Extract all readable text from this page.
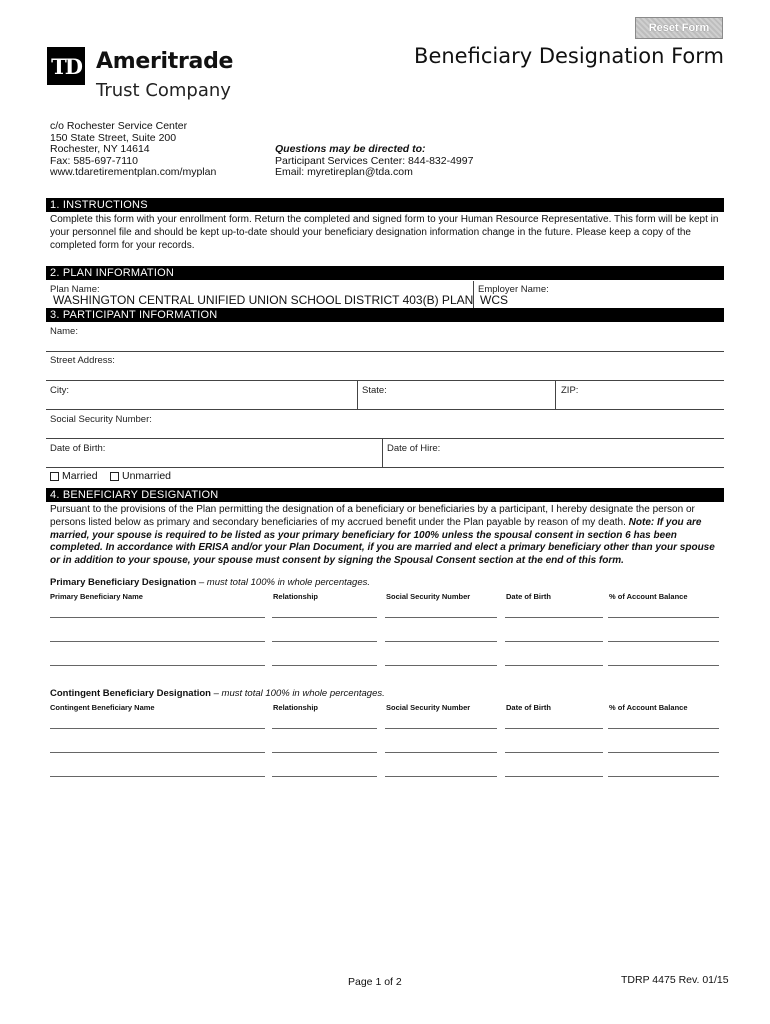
Reset Form
TD Ameritrade
Trust Company
Beneficiary Designation Form
c/o Rochester Service Center
150 State Street, Suite 200
Rochester, NY 14614
Fax: 585-697-7110
www.tdaretirementplan.com/myplan
Questions may be directed to:
Participant Services Center: 844-832-4997
Email: myretireplan@tda.com
1. INSTRUCTIONS
Complete this form with your enrollment form. Return the completed and signed form to your Human Resource Representative. This form will be kept in your personnel file and should be kept up-to-date should your beneficiary designation information change in the future. Please keep a copy of the completed form for your records.
2. PLAN INFORMATION
Plan Name:
WASHINGTON CENTRAL UNIFIED UNION SCHOOL DISTRICT 403(B) PLAN
Employer Name:
WCS
3. PARTICIPANT INFORMATION
Name:
Street Address:
City:	State:	ZIP:
Social Security Number:
Date of Birth:	Date of Hire:
Married Unmarried
4. BENEFICIARY DESIGNATION
Pursuant to the provisions of the Plan permitting the designation of a beneficiary or beneficiaries by a participant, I hereby designate the person or persons listed below as primary and secondary beneficiaries of my accrued benefit under the Plan payable by reason of my death. Note: If you are married, your spouse is required to be listed as your primary beneficiary for 100% unless the spousal consent in section 6 has been completed. In accordance with ERISA and/or your Plan Document, if you are married and elect a primary beneficiary other than your spouse or in addition to your spouse, your spouse must consent by signing the Spousal Consent section at the end of this form.
Primary Beneficiary Designation – must total 100% in whole percentages.
Primary Beneficiary Name	Relationship	Social Security Number	Date of Birth	% of Account Balance
Contingent Beneficiary Designation – must total 100% in whole percentages.
Contingent Beneficiary Name	Relationship	Social Security Number	Date of Birth	% of Account Balance
Page 1 of 2	TDRP 4475 Rev. 01/15
